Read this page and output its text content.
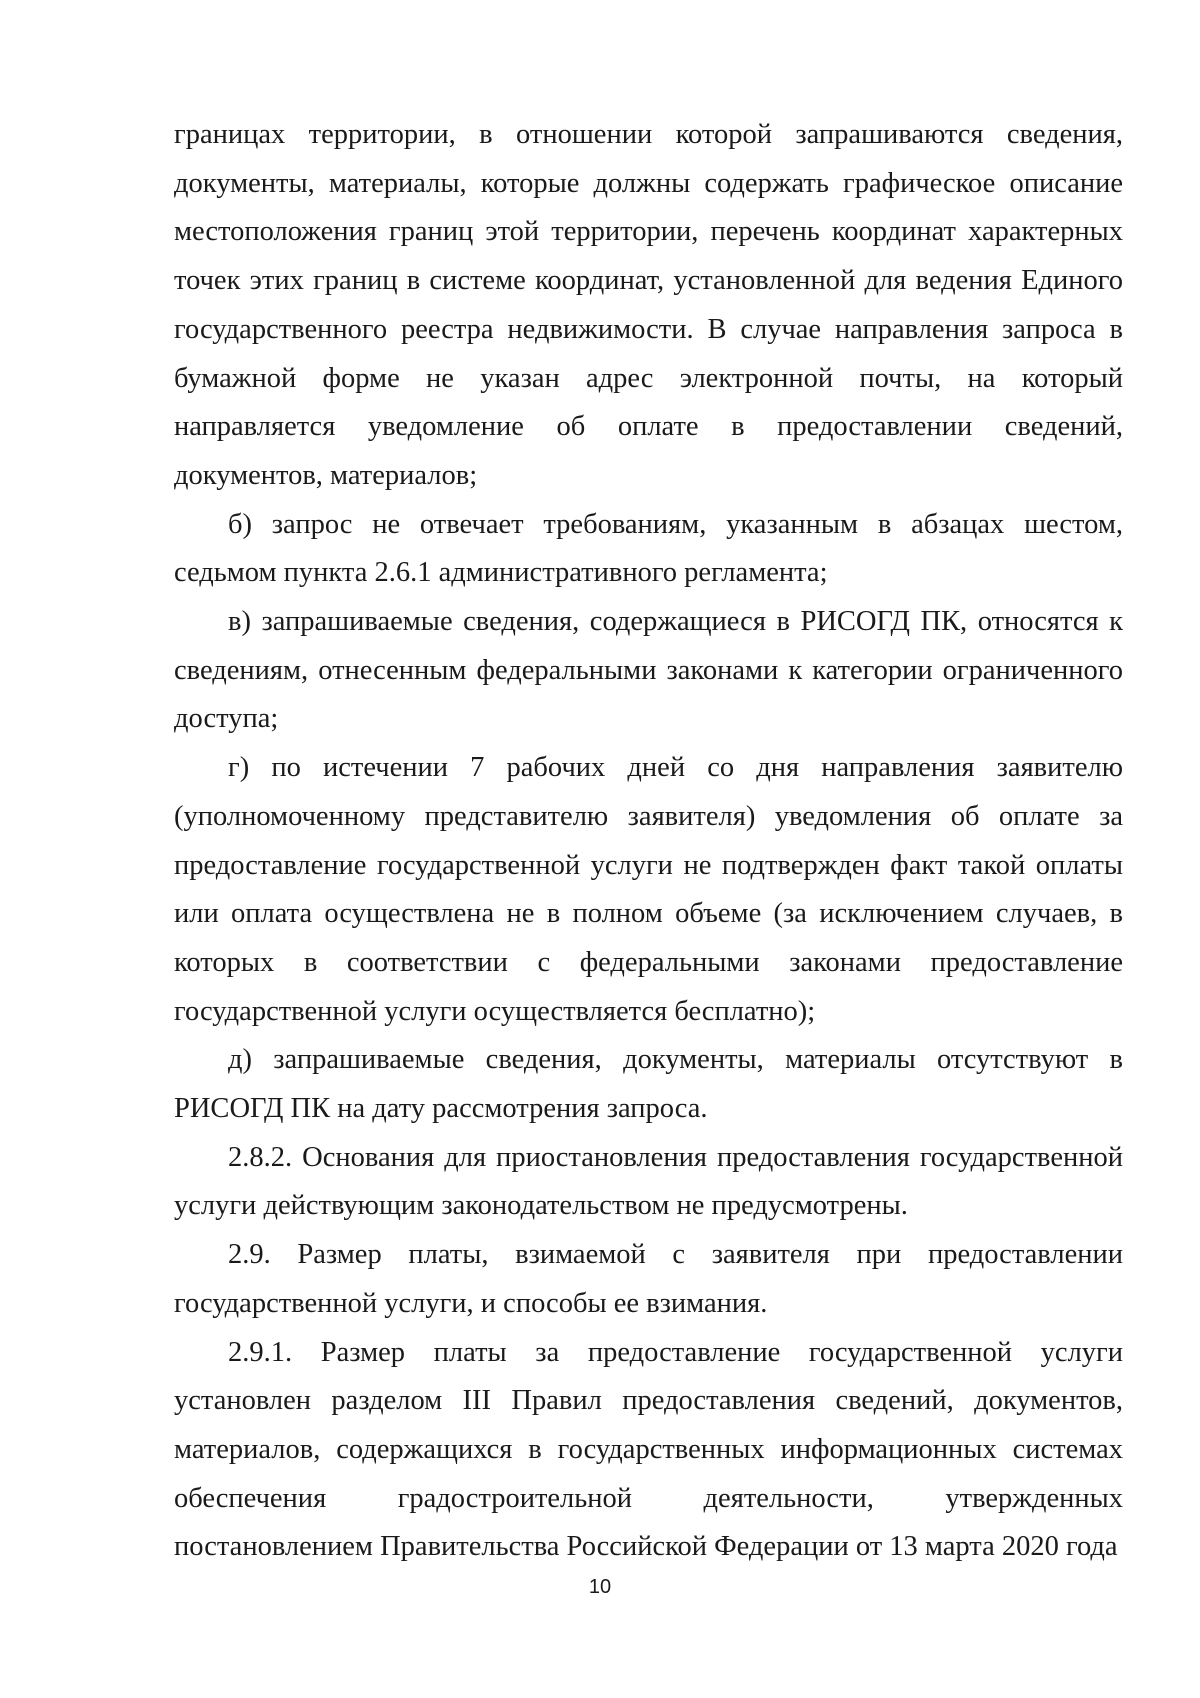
границах территории, в отношении которой запрашиваются сведения, документы, материалы, которые должны содержать графическое описание местоположения границ этой территории, перечень координат характерных точек этих границ в системе координат, установленной для ведения Единого государственного реестра недвижимости. В случае направления запроса в бумажной форме не указан адрес электронной почты, на который направляется уведомление об оплате в предоставлении сведений, документов, материалов;

б) запрос не отвечает требованиям, указанным в абзацах шестом, седьмом пункта 2.6.1 административного регламента;

в) запрашиваемые сведения, содержащиеся в РИСОГД ПК, относятся к сведениям, отнесенным федеральными законами к категории ограниченного доступа;

г) по истечении 7 рабочих дней со дня направления заявителю (уполномоченному представителю заявителя) уведомления об оплате за предоставление государственной услуги не подтвержден факт такой оплаты или оплата осуществлена не в полном объеме (за исключением случаев, в которых в соответствии с федеральными законами предоставление государственной услуги осуществляется бесплатно);

д) запрашиваемые сведения, документы, материалы отсутствуют в РИСОГД ПК на дату рассмотрения запроса.

2.8.2. Основания для приостановления предоставления государственной услуги действующим законодательством не предусмотрены.

2.9. Размер платы, взимаемой с заявителя при предоставлении государственной услуги, и способы ее взимания.

2.9.1. Размер платы за предоставление государственной услуги установлен разделом III Правил предоставления сведений, документов, материалов, содержащихся в государственных информационных системах обеспечения градостроительной деятельности, утвержденных постановлением Правительства Российской Федерации от 13 марта 2020 года

10
